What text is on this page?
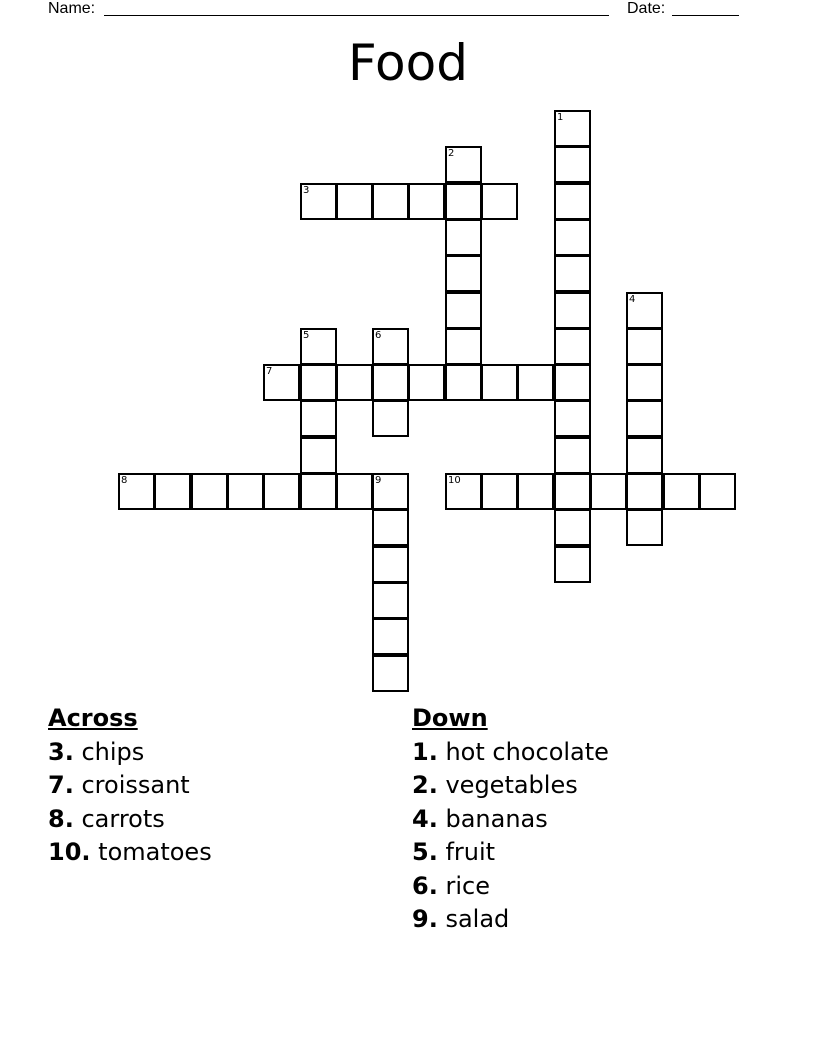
Name:	Date:
Food
1
2
3
4
5	6
7
8	9	10
Across
3. chips
7. croissant
8. carrots
10. tomatoes
Down
1. hot chocolate
2. vegetables
4. bananas
5. fruit
6. rice
9. salad
